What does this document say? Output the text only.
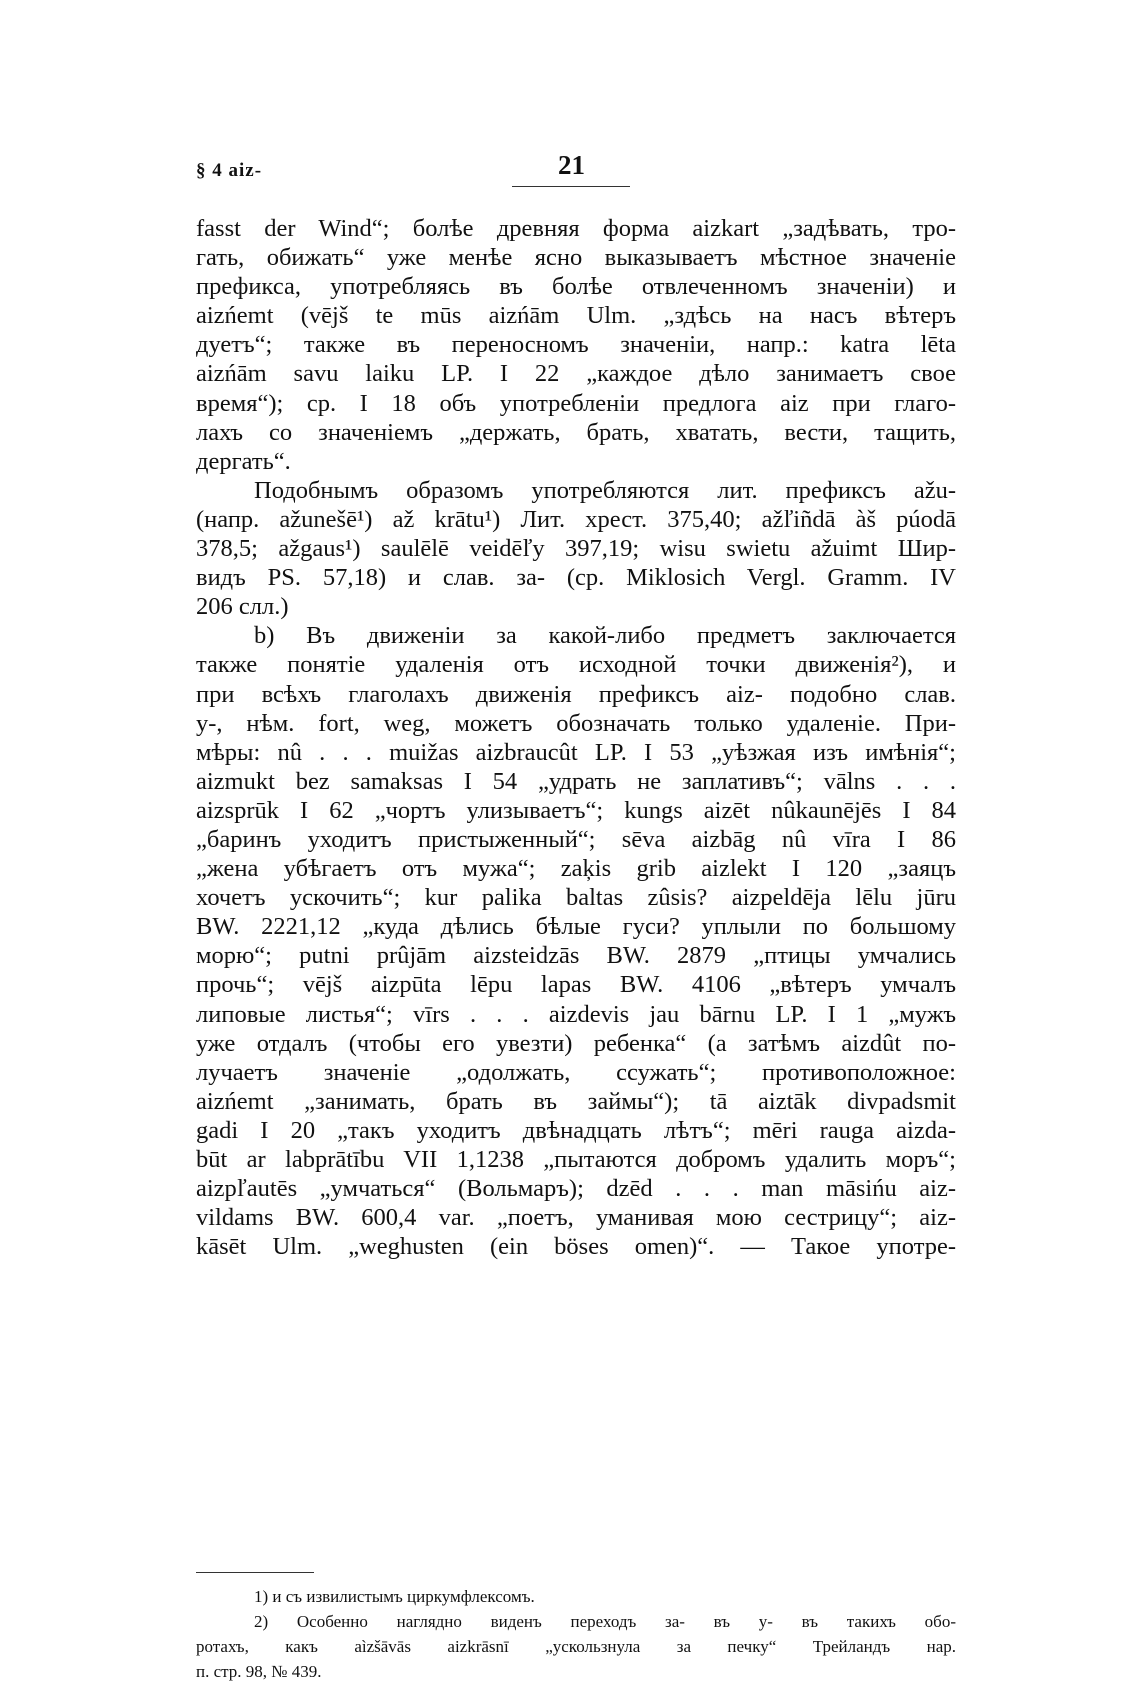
§ 4 aiz-	21
fasst der Wind“; болѣе древняя форма aizkart „задѣвать, тро-
гать, обижать“ уже менѣе ясно выказываетъ мѣстное значеніе
префикса, употребляясь въ болѣе отвлеченномъ значеніи) и
aizńemt (vējš te mūs aizńām Ulm. „здѣсь на насъ вѣтеръ
дуетъ“; также въ переносномъ значеніи, напр.: katra lēta
aizńām savu laiku LP. I 22 „каждое дѣло занимаетъ свое
время“); ср. I 18 объ употребленіи предлога aiz при глаго-
лахъ со значеніемъ „держать, брать, хватать, вести, тащить,
дергать“.
Подобнымъ образомъ употребляются лит. префиксъ ažu-
(напр. ažunešē¹) až krātu¹) Лит. хрест. 375,40; ažľiñdā àš púodā
378,5; ažgaus¹) saulēlē veidēľy 397,19; wisu swietu ažuimt Шир-
видъ PS. 57,18) и слав. за- (ср. Miklosich Vergl. Gramm. IV
206 слл.)
b) Въ движеніи за какой-либо предметъ заключается
также понятіе удаленія отъ исходной точки движенія²), и
при всѣхъ глаголахъ движенія префиксъ aiz- подобно слав.
у-, нѣм. fort, weg, можетъ обозначать только удаленіе. При-
мѣры: nû . . . muižas aizbraucût LP. I 53 „уѣзжая изъ имѣнія“;
aizmukt bez samaksas I 54 „удрать не заплативъ“; vālns . . .
aizsprūk I 62 „чортъ улизываетъ“; kungs aizēt nûkaunējēs I 84
„баринъ уходитъ пристыженный“; sēva aizbāg nû vīra I 86
„жена убѣгаетъ отъ мужа“; zaķis grib aizlekt I 120 „заяцъ
хочетъ ускочить“; kur palika baltas zûsis? aizpeldēja lēlu jūru
BW. 2221,12 „куда дѣлись бѣлые гуси? уплыли по большому
морю“; putni prûjām aizsteidzās BW. 2879 „птицы умчались
прочь“; vējš aizpūta lēpu lapas BW. 4106 „вѣтеръ умчалъ
липовые листья“; vīrs . . . aizdevis jau bārnu LP. I 1 „мужъ
уже отдалъ (чтобы его увезти) ребенка“ (а затѣмъ aizdût по-
лучаетъ значеніе „одолжать, ссужать“; противоположное:
aizńemt „занимать, брать въ займы“); tā aiztāk divpadsmit
gadi I 20 „такъ уходитъ двѣнадцать лѣтъ“; mēri rauga aizda-
būt ar labprātību VII 1,1238 „пытаются добромъ удалить моръ“;
aizpľautēs „умчаться“ (Вольмаръ); dzēd . . . man māsińu aiz-
vildams BW. 600,4 var. „поетъ, уманивая мою сестрицу“; aiz-
kāsēt Ulm. „weghusten (ein böses omen)“. — Такое употре-
1) и съ извилистымъ циркумфлексомъ.
2) Особенно наглядно виденъ переходъ за- въ у- въ такихъ обо-
ротахъ, какъ aìzšāvās aizkrāsnī „ускользнула за печку“ Трейландъ нар.
п. стр. 98, № 439.
